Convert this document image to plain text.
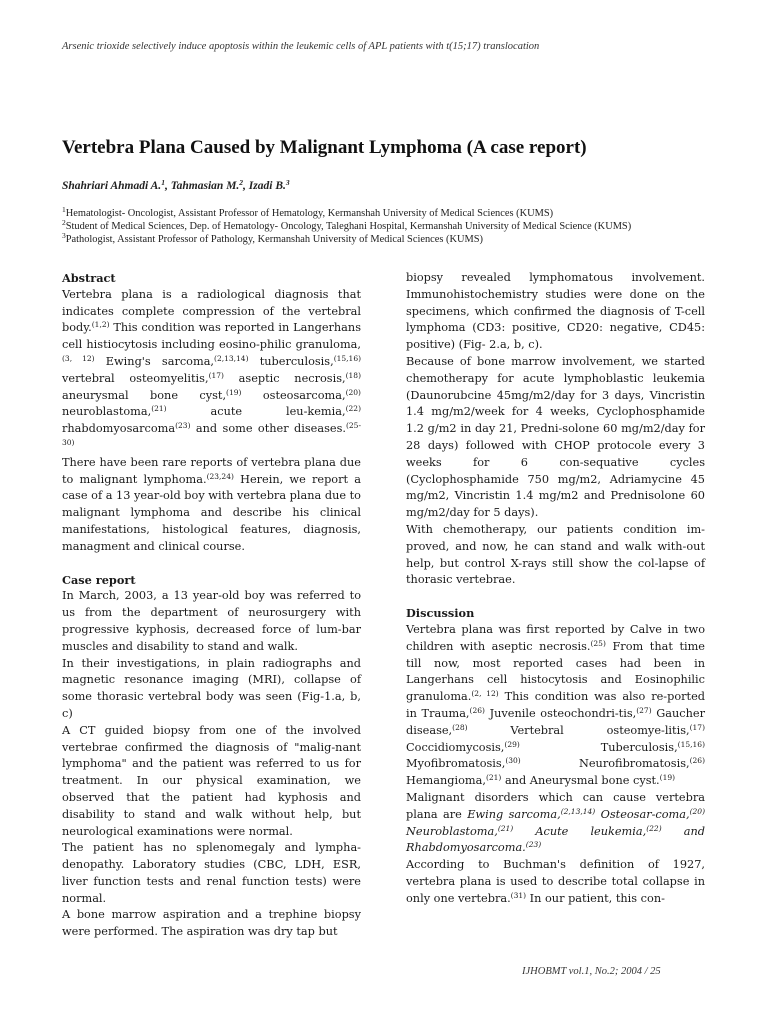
Arsenic trioxide selectively induce apoptosis within the leukemic cells of APL patients with t(15;17) translocation
Vertebra Plana Caused by Malignant Lymphoma (A case report)
Shahriari Ahmadi A.$^1$, Tahmasian M.$^2$, Izadi B.$^3$
$^1$Hematologist- Oncologist, Assistant Professor of Hematology, Kermanshah University of Medical Sciences (KUMS)
$^2$Student of Medical Sciences, Dep. of Hematology- Oncology, Taleghani Hospital, Kermanshah University of Medical Science (KUMS)
$^3$Pathologist, Assistant Professor of Pathology, Kermanshah University of Medical Sciences (KUMS)
Abstract

Vertebra plana is a radiological diagnosis that indicates complete compression of the vertebral body.$^{(1,2)}$ This condition was reported in Langerhans cell histiocytosis including eosino-philic granuloma,$^{(3, 12)}$ Ewing's sarcoma,$^{(2,13,14)}$ tuberculosis,$^{(15,16)}$ vertebral osteomyelitis,$^{(17)}$ aseptic necrosis,$^{(18)}$ aneurysmal bone cyst,$^{(19)}$ osteosarcoma,$^{(20)}$ neuroblastoma,$^{(21)}$ acute leu-kemia,$^{(22)}$ rhabdomyosarcoma$^{(23)}$ and some other diseases.$^{(25-30)}$

There have been rare reports of vertebra plana due to malignant lymphoma.$^{(23,24)}$ Herein, we report a case of a 13 year-old boy with vertebra plana due to malignant lymphoma and describe his clinical manifestations, histological features, diagnosis, managment and clinical course.

Case report

In March, 2003, a 13 year-old boy was referred to us from the department of neurosurgery with progressive kyphosis, decreased force of lum-bar muscles and disability to stand and walk.

In their investigations, in plain radiographs and magnetic resonance imaging (MRI), collapse of some thorasic vertebral body was seen (Fig-1.a, b, c)

A CT guided biopsy from one of the involved vertebrae confirmed the diagnosis of "malig-nant lymphoma" and the patient was referred to us for treatment. In our physical examination, we observed that the patient had kyphosis and disability to stand and walk without help, but neurological examinations were normal.

The patient has no splenomegaly and lympha-denopathy. Laboratory studies (CBC, LDH, ESR, liver function tests and renal function tests) were normal.

A bone marrow aspiration and a trephine biopsy were performed. The aspiration was dry tap but

biopsy revealed lymphomatous involvement. Immunohistochemistry studies were done on the specimens, which confirmed the diagnosis of T-cell lymphoma (CD3: positive, CD20: negative, CD45: positive) (Fig- 2.a, b, c).

Because of bone marrow involvement, we started chemotherapy for acute lymphoblastic leukemia (Daunorubcine 45mg/m2/day for 3 days, Vincristin 1.4 mg/m2/week for 4 weeks, Cyclophosphamide 1.2 g/m2 in day 21, Predni-solone 60 mg/m2/day for 28 days) followed with CHOP protocole every 3 weeks for 6 con-sequative cycles (Cyclophosphamide 750 mg/m2, Adriamycine 45 mg/m2, Vincristin 1.4 mg/m2 and Prednisolone 60 mg/m2/day for 5 days).

With chemotherapy, our patients condition im-proved, and now, he can stand and walk with-out help, but control X-rays still show the col-lapse of thorasic vertebrae.

Discussion

Vertebra plana was first reported by Calve in two children with aseptic necrosis.$^{(25)}$ From that time till now, most reported cases had been in Langerhans cell histocytosis and Eosinophilic granuloma.$^{(2, 12)}$ This condition was also re-ported in Trauma,$^{(26)}$ Juvenile osteochondri-tis,$^{(27)}$ Gaucher disease,$^{(28)}$ Vertebral osteomye-litis,$^{(17)}$ Coccidiomycosis,$^{(29)}$ Tuberculosis,$^{(15,16)}$ Myofibromatosis,$^{(30)}$ Neurofibromatosis,$^{(26)}$ Hemangioma,$^{(21)}$ and Aneurysmal bone cyst.$^{(19)}$

Malignant disorders which can cause vertebra plana are Ewing sarcoma,$^{(2,13,14)}$ Osteosar-coma,$^{(20)}$ Neuroblastoma,$^{(21)}$ Acute leukemia,$^{(22)}$ and Rhabdomyosarcoma.$^{(23)}$

According to Buchman's definition of 1927, vertebra plana is used to describe total collapse in only one vertebra.$^{(31)}$ In our patient, this con-

IJHOBMT vol.1, No.2; 2004 / 25
